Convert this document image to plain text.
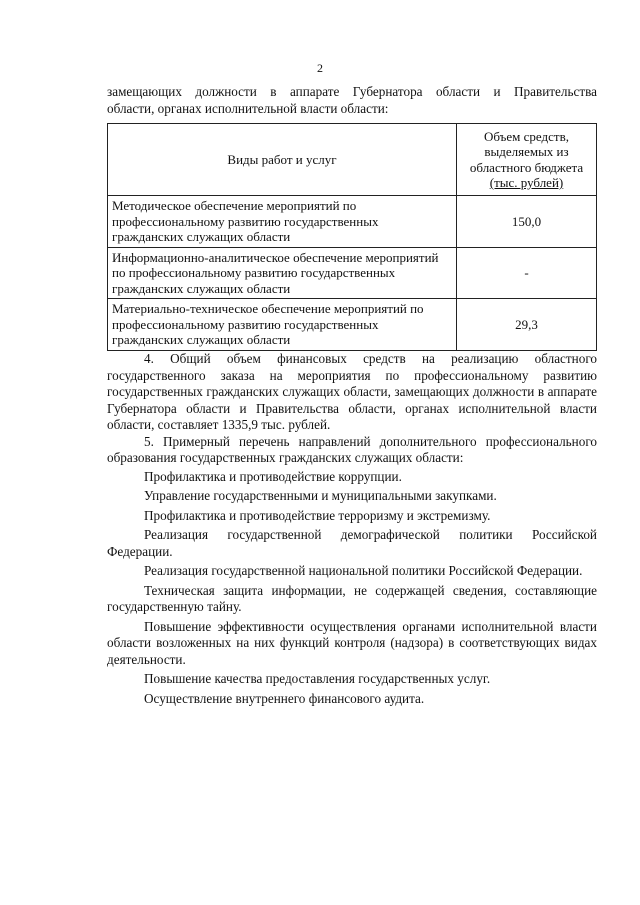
2

замещающих должности в аппарате Губернатора области и Правительства

области, органах исполнительной власти области:

Виды работ и услуг	Объем средств,
выделяемых из
областного бюджета
(тыс. рублей)

Методическое обеспечение мероприятий по профессиональному развитию государственных гражданских служащих области	150,0
Информационно-аналитическое обеспечение мероприятий по профессиональному развитию государственных гражданских служащих области	-
Материально-техническое обеспечение мероприятий по профессиональному развитию государственных гражданских служащих области	29,3

4. Общий объем финансовых средств на реализацию областного государственного заказа на мероприятия по профессиональному развитию государственных гражданских служащих области, замещающих должности в аппарате Губернатора области и Правительства области, органах исполнительной власти области, составляет 1335,9 тыс. рублей.

5. Примерный перечень направлений дополнительного профессионального образования государственных гражданских служащих области:

Профилактика и противодействие коррупции.

Управление государственными и муниципальными закупками.

Профилактика и противодействие терроризму и экстремизму.

Реализация государственной демографической политики Российской Федерации.

Реализация государственной национальной политики Российской Федерации.

Техническая защита информации, не содержащей сведения, составляющие государственную тайну.

Повышение эффективности осуществления органами исполнительной власти области возложенных на них функций контроля (надзора) в соответствующих видах деятельности.

Повышение качества предоставления государственных услуг.

Осуществление внутреннего финансового аудита.
